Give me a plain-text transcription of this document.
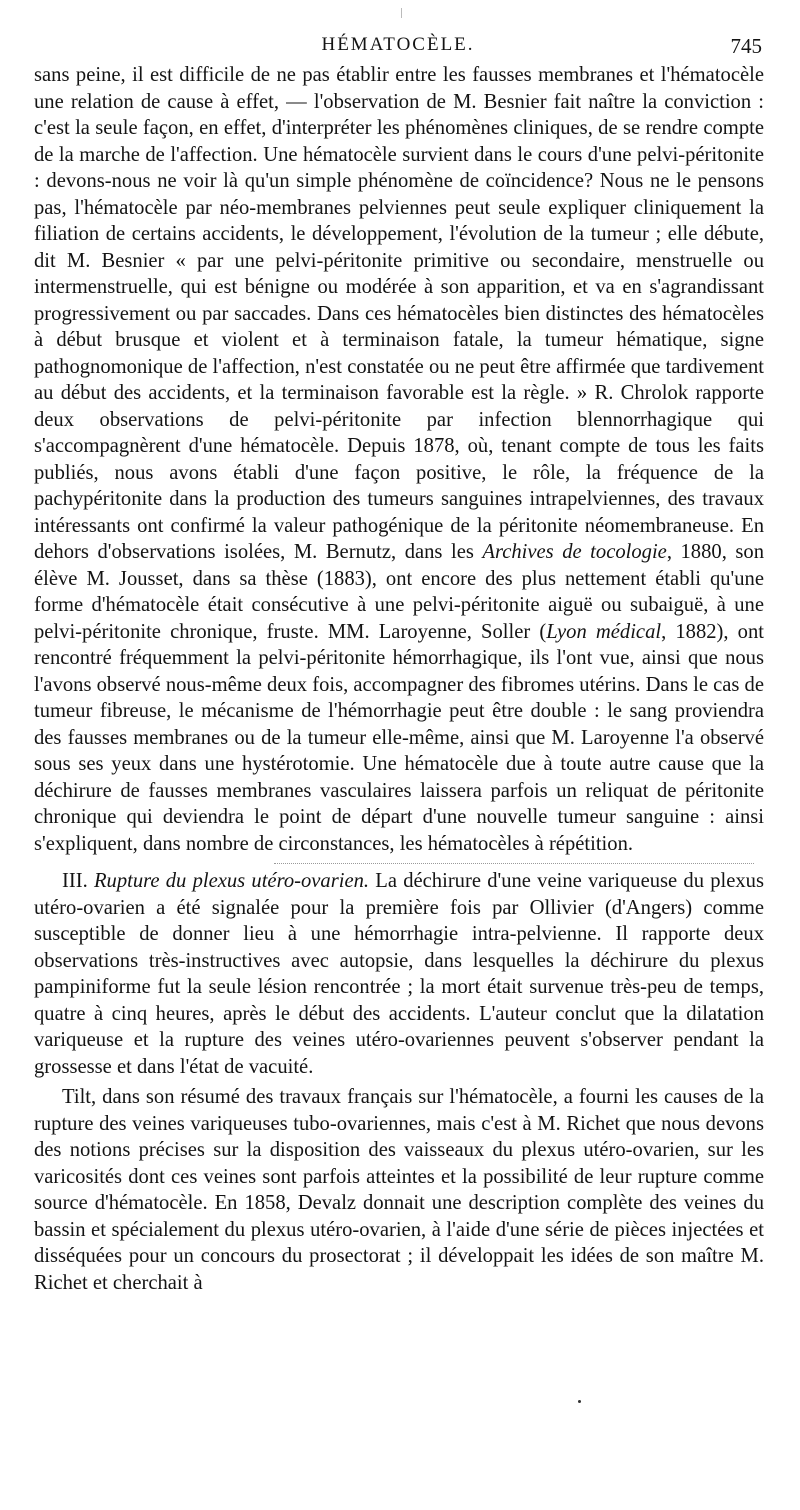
HÉMATOCÈLE.	745

sans peine, il est difficile de ne pas établir entre les fausses membranes et l'hématocèle une relation de cause à effet, — l'observation de M. Besnier fait naître la conviction : c'est la seule façon, en effet, d'interpréter les phénomènes cliniques, de se rendre compte de la marche de l'affection. Une hématocèle survient dans le cours d'une pelvi-péritonite : devons-nous ne voir là qu'un simple phénomène de coïncidence? Nous ne le pensons pas, l'hématocèle par néo-membranes pelviennes peut seule expliquer cliniquement la filiation de certains accidents, le développement, l'évolution de la tumeur ; elle débute, dit M. Besnier « par une pelvi-péritonite primitive ou secondaire, menstruelle ou intermenstruelle, qui est bénigne ou modérée à son apparition, et va en s'agrandissant progressivement ou par saccades. Dans ces hématocèles bien distinctes des hématocèles à début brusque et violent et à terminaison fatale, la tumeur hématique, signe pathognomonique de l'affection, n'est constatée ou ne peut être affirmée que tardivement au début des accidents, et la terminaison favorable est la règle. » R. Chrolok rapporte deux observations de pelvi-péritonite par infection blennorrhagique qui s'accompagnèrent d'une hématocèle. Depuis 1878, où, tenant compte de tous les faits publiés, nous avons établi d'une façon positive, le rôle, la fréquence de la pachypéritonite dans la production des tumeurs sanguines intrapelviennes, des travaux intéressants ont confirmé la valeur pathogénique de la péritonite néomembraneuse. En dehors d'observations isolées, M. Bernutz, dans les Archives de tocologie, 1880, son élève M. Jousset, dans sa thèse (1883), ont encore des plus nettement établi qu'une forme d'hématocèle était consécutive à une pelvi-péritonite aiguë ou subaiguë, à une pelvi-péritonite chronique, fruste. MM. Laroyenne, Soller (Lyon médical, 1882), ont rencontré fréquemment la pelvi-péritonite hémorrhagique, ils l'ont vue, ainsi que nous l'avons observé nous-même deux fois, accompagner des fibromes utérins. Dans le cas de tumeur fibreuse, le mécanisme de l'hémorrhagie peut être double : le sang proviendra des fausses membranes ou de la tumeur elle-même, ainsi que M. Laroyenne l'a observé sous ses yeux dans une hystérotomie. Une hématocèle due à toute autre cause que la déchirure de fausses membranes vasculaires laissera parfois un reliquat de péritonite chronique qui deviendra le point de départ d'une nouvelle tumeur sanguine : ainsi s'expliquent, dans nombre de circonstances, les hématocèles à répétition.

III. Rupture du plexus utéro-ovarien. La déchirure d'une veine variqueuse du plexus utéro-ovarien a été signalée pour la première fois par Ollivier (d'Angers) comme susceptible de donner lieu à une hémorrhagie intra-pelvienne. Il rapporte deux observations très-instructives avec autopsie, dans lesquelles la déchirure du plexus pampiniforme fut la seule lésion rencontrée ; la mort était survenue très-peu de temps, quatre à cinq heures, après le début des accidents. L'auteur conclut que la dilatation variqueuse et la rupture des veines utéro-ovariennes peuvent s'observer pendant la grossesse et dans l'état de vacuité.

Tilt, dans son résumé des travaux français sur l'hématocèle, a fourni les causes de la rupture des veines variqueuses tubo-ovariennes, mais c'est à M. Richet que nous devons des notions précises sur la disposition des vaisseaux du plexus utéro-ovarien, sur les varicosités dont ces veines sont parfois atteintes et la possibilité de leur rupture comme source d'hématocèle. En 1858, Devalz donnait une description complète des veines du bassin et spécialement du plexus utéro-ovarien, à l'aide d'une série de pièces injectées et disséquées pour un concours du prosectorat ; il développait les idées de son maître M. Richet et cherchait à
